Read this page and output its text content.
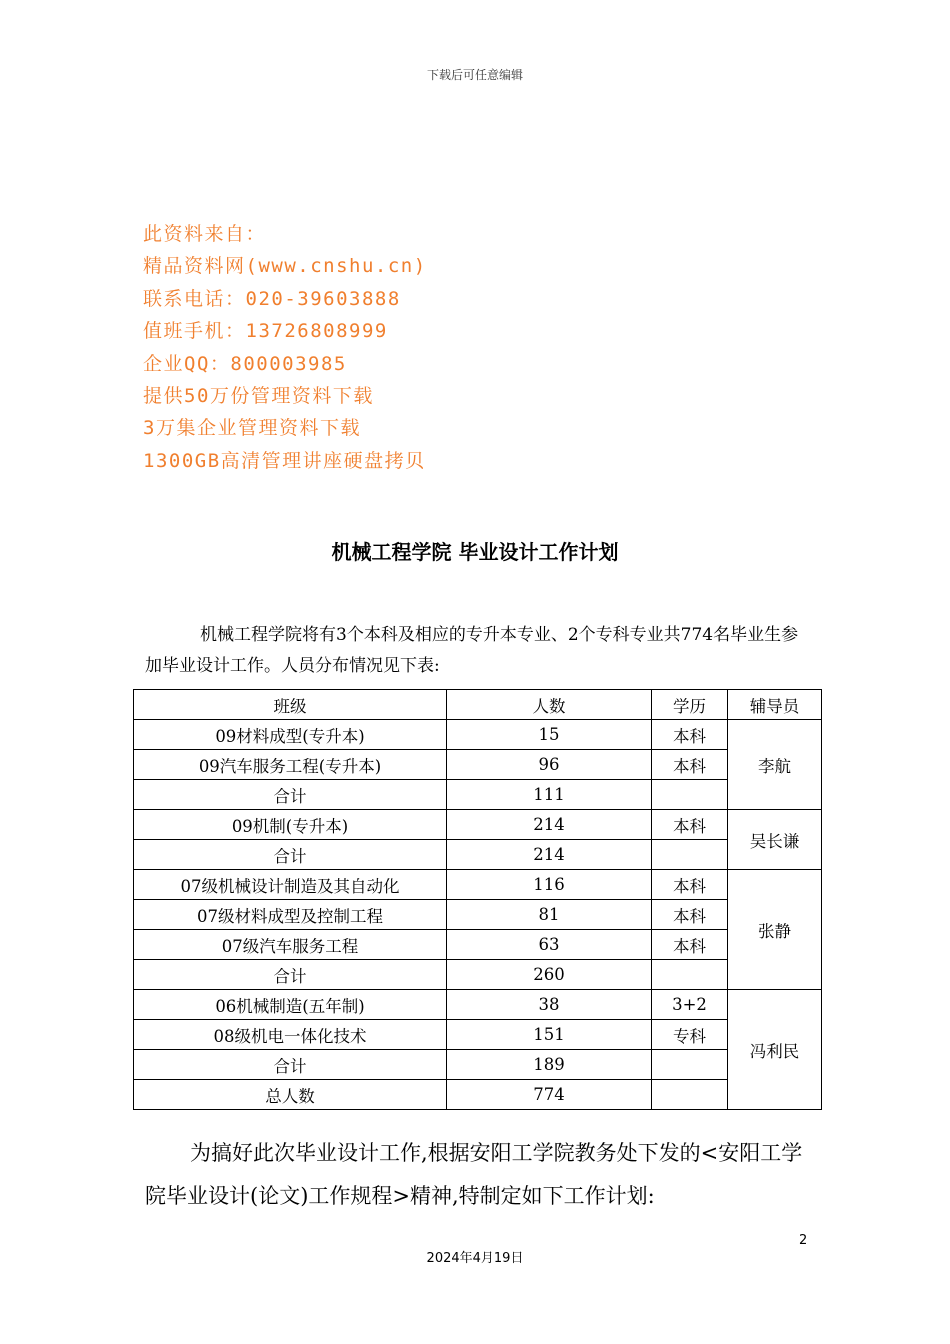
下载后可任意编辑
此资料来自：
精品资料网(www.cnshu.cn)
联系电话：020-39603888
值班手机：13726808999
企业QQ：800003985
提供50万份管理资料下载
3万集企业管理资料下载
1300GB高清管理讲座硬盘拷贝
机械工程学院 毕业设计工作计划
机械工程学院将有3个本科及相应的专升本专业、2个专科专业共774名毕业生参加毕业设计工作。人员分布情况见下表:
班级	人数	学历	辅导员
09材料成型(专升本)	15	本科	李航
09汽车服务工程(专升本)	96	本科	
合计	111		
09机制(专升本)	214	本科	吴长谦
合计	214		
07级机械设计制造及其自动化	116	本科	张静
07级材料成型及控制工程	81	本科	
07级汽车服务工程	63	本科	
合计	260		
06机械制造(五年制)	38	3+2	冯利民
08级机电一体化技术	151	专科	
合计	189		
总人数	774		
为搞好此次毕业设计工作,根据安阳工学院教务处下发的<安阳工学院毕业设计(论文)工作规程>精神,特制定如下工作计划:
2
2024年4月19日
